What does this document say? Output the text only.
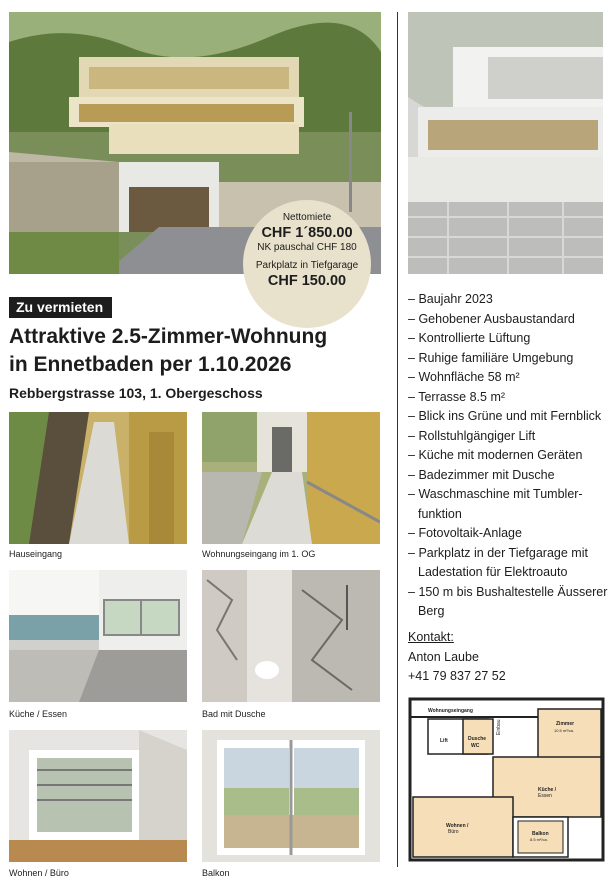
Nettomiete
CHF 1´850.00
NK pauschal CHF 180
Parkplatz in Tiefgarage
CHF 150.00
Zu vermieten
Attraktive 2.5-Zimmer-Wohnung
in Ennetbaden per 1.10.2026
Rebbergstrasse 103, 1. Obergeschoss
Hauseingang	Wohnungseingang im 1. OG
Küche / Essen	Bad mit Dusche
Wohnen / Büro	Balkon
– Baujahr 2023
– Gehobener Ausbaustandard
– Kontrollierte Lüftung
– Ruhige familiäre Umgebung
– Wohnfläche 58 m²
– Terrasse 8.5 m²
– Blick ins Grüne und mit Fernblick
– Rollstuhlgängiger Lift
– Küche mit modernen Geräten
– Badezimmer mit Dusche
– Waschmaschine mit Tumbler-funktion
– Fotovoltaik-Anlage
– Parkplatz in der Tiefgarage mit Ladestation für Elektroauto
– 150 m bis Bushaltestelle Äusserer Berg
Kontakt:
Anton Laube
+41 79 837 27 52
Wohnungseingang
Lift	Dusche
WC
Einbau	Zimmer
10.5 m²/ca.
Küche /
Essen
Wohnen /
Büro	Balkon
8.5 m²/ca.
